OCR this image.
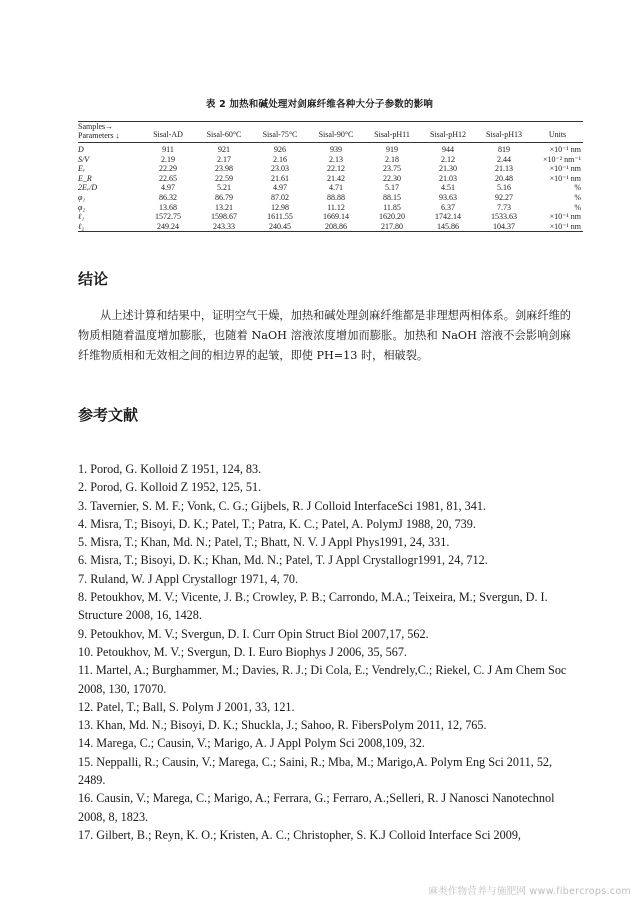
表 2 加热和碱处理对剑麻纤维各种大分子参数的影响
Samples→
Parameters ↓	Sisal-AD	Sisal-60°C	Sisal-75°C	Sisal-90°C	Sisal-pH11	Sisal-pH12	Sisal-pH13	Units
D	911	921	926	939	919	944	819	×10⁻¹ nm
S/V	2.19	2.17	2.16	2.13	2.18	2.12	2.44	×10⁻² nm⁻¹
Eᵥ	22.29	23.98	23.03	22.12	23.75	21.30	21.13	×10⁻¹ nm
E_R	22.65	22.59	21.61	21.42	22.30	21.03	20.48	×10⁻¹ nm
2Eᵥ/D	4.97	5.21	4.97	4.71	5.17	4.51	5.16	%
φ₁	86.32	86.79	87.02	88.88	88.15	93.63	92.27	%
φ₂	13.68	13.21	12.98	11.12	11.85	6.37	7.73	%
ℓ₁	1572.75	1598.67	1611.55	1669.14	1620.20	1742.14	1533.63	×10⁻¹ nm
ℓ₂	249.24	243.33	240.45	208.86	217.80	145.86	104.37	×10⁻¹ nm
结论
从上述计算和结果中，证明空气干燥，加热和碱处理剑麻纤维都是非理想两相体系。剑麻纤维的物质相随着温度增加膨胀，也随着 NaOH 溶液浓度增加而膨胀。加热和 NaOH 溶液不会影响剑麻纤维物质相和无效相之间的相边界的起皱，即使 PH=13 时，相破裂。
参考文献
1. Porod, G. Kolloid Z 1951, 124, 83.
2. Porod, G. Kolloid Z 1952, 125, 51.
3. Tavernier, S. M. F.; Vonk, C. G.; Gijbels, R. J Colloid InterfaceSci 1981, 81, 341.
4. Misra, T.; Bisoyi, D. K.; Patel, T.; Patra, K. C.; Patel, A. PolymJ 1988, 20, 739.
5. Misra, T.; Khan, Md. N.; Patel, T.; Bhatt, N. V. J Appl Phys1991, 24, 331.
6. Misra, T.; Bisoyi, D. K.; Khan, Md. N.; Patel, T. J Appl Crystallogr1991, 24, 712.
7. Ruland, W. J Appl Crystallogr 1971, 4, 70.
8. Petoukhov, M. V.; Vicente, J. B.; Crowley, P. B.; Carrondo, M.A.; Teixeira, M.; Svergun, D. I. Structure 2008, 16, 1428.
9. Petoukhov, M. V.; Svergun, D. I. Curr Opin Struct Biol 2007,17, 562.
10. Petoukhov, M. V.; Svergun, D. I. Euro Biophys J 2006, 35, 567.
11. Martel, A.; Burghammer, M.; Davies, R. J.; Di Cola, E.; Vendrely,C.; Riekel, C. J Am Chem Soc 2008, 130, 17070.
12. Patel, T.; Ball, S. Polym J 2001, 33, 121.
13. Khan, Md. N.; Bisoyi, D. K.; Shuckla, J.; Sahoo, R. FibersPolym 2011, 12, 765.
14. Marega, C.; Causin, V.; Marigo, A. J Appl Polym Sci 2008,109, 32.
15. Neppalli, R.; Causin, V.; Marega, C.; Saini, R.; Mba, M.; Marigo,A. Polym Eng Sci 2011, 52, 2489.
16. Causin, V.; Marega, C.; Marigo, A.; Ferrara, G.; Ferraro, A.;Selleri, R. J Nanosci Nanotechnol 2008, 8, 1823.
17. Gilbert, B.; Reyn, K. O.; Kristen, A. C.; Christopher, S. K.J Colloid Interface Sci 2009,
麻类作物营养与施肥网 www.fibercrops.com
